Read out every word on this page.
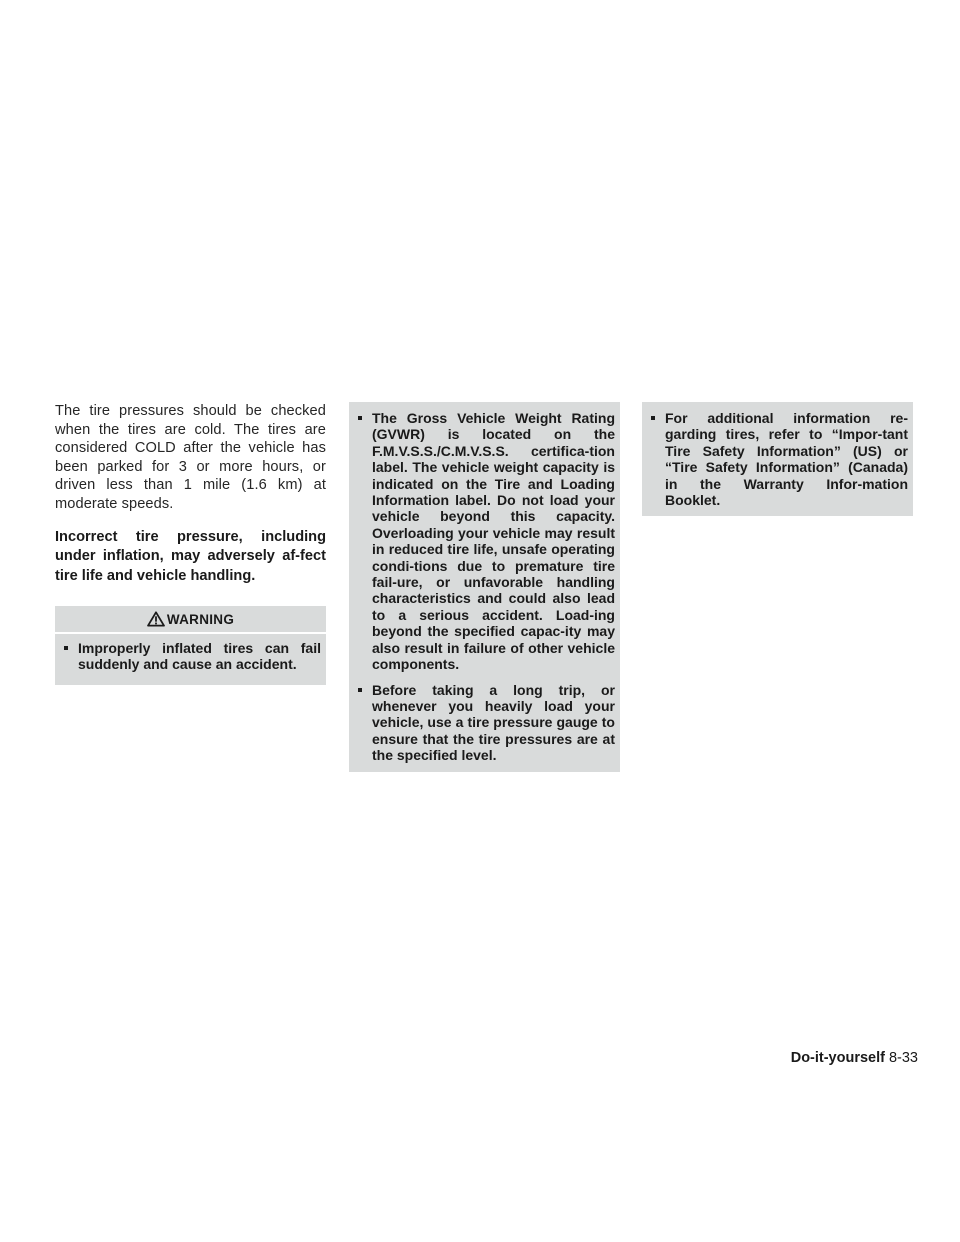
The tire pressures should be checked when the tires are cold. The tires are considered COLD after the vehicle has been parked for 3 or more hours, or driven less than 1 mile (1.6 km) at moderate speeds.

Incorrect tire pressure, including under inflation, may adversely af-fect tire life and vehicle handling.

WARNING
Improperly inflated tires can fail suddenly and cause an accident.
The Gross Vehicle Weight Rating (GVWR) is located on the F.M.V.S.S./C.M.V.S.S. certifica-tion label. The vehicle weight capacity is indicated on the Tire and Loading Information label. Do not load your vehicle beyond this capacity. Overloading your vehicle may result in reduced tire life, unsafe operating condi-tions due to premature tire fail-ure, or unfavorable handling characteristics and could also lead to a serious accident. Load-ing beyond the specified capac-ity may also result in failure of other vehicle components.
Before taking a long trip, or whenever you heavily load your vehicle, use a tire pressure gauge to ensure that the tire pressures are at the specified level.
For additional information re-garding tires, refer to “Impor-tant Tire Safety Information” (US) or “Tire Safety Information” (Canada) in the Warranty Infor-mation Booklet.
Do-it-yourself 8-33
